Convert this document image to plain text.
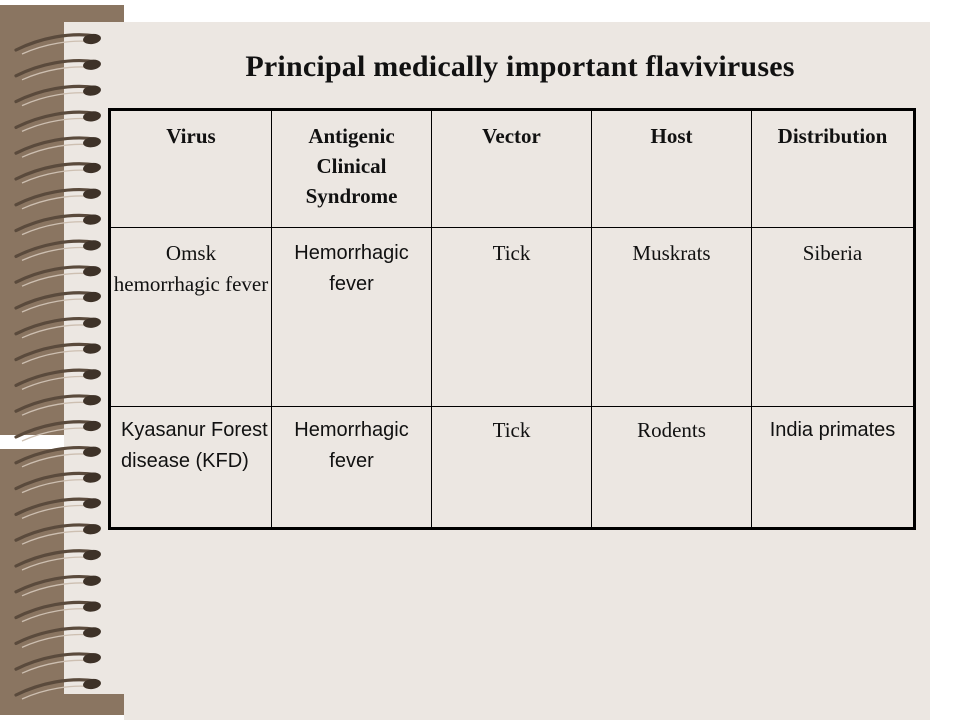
Principal medically important flaviviruses
Virus	Antigenic Clinical Syndrome	Vector	Host	Distribution
Omsk hemorrhagic fever	Hemorrhagic fever	Tick	Muskrats	Siberia
Kyasanur Forest disease (KFD)	Hemorrhagic fever	Tick	Rodents	India primates
